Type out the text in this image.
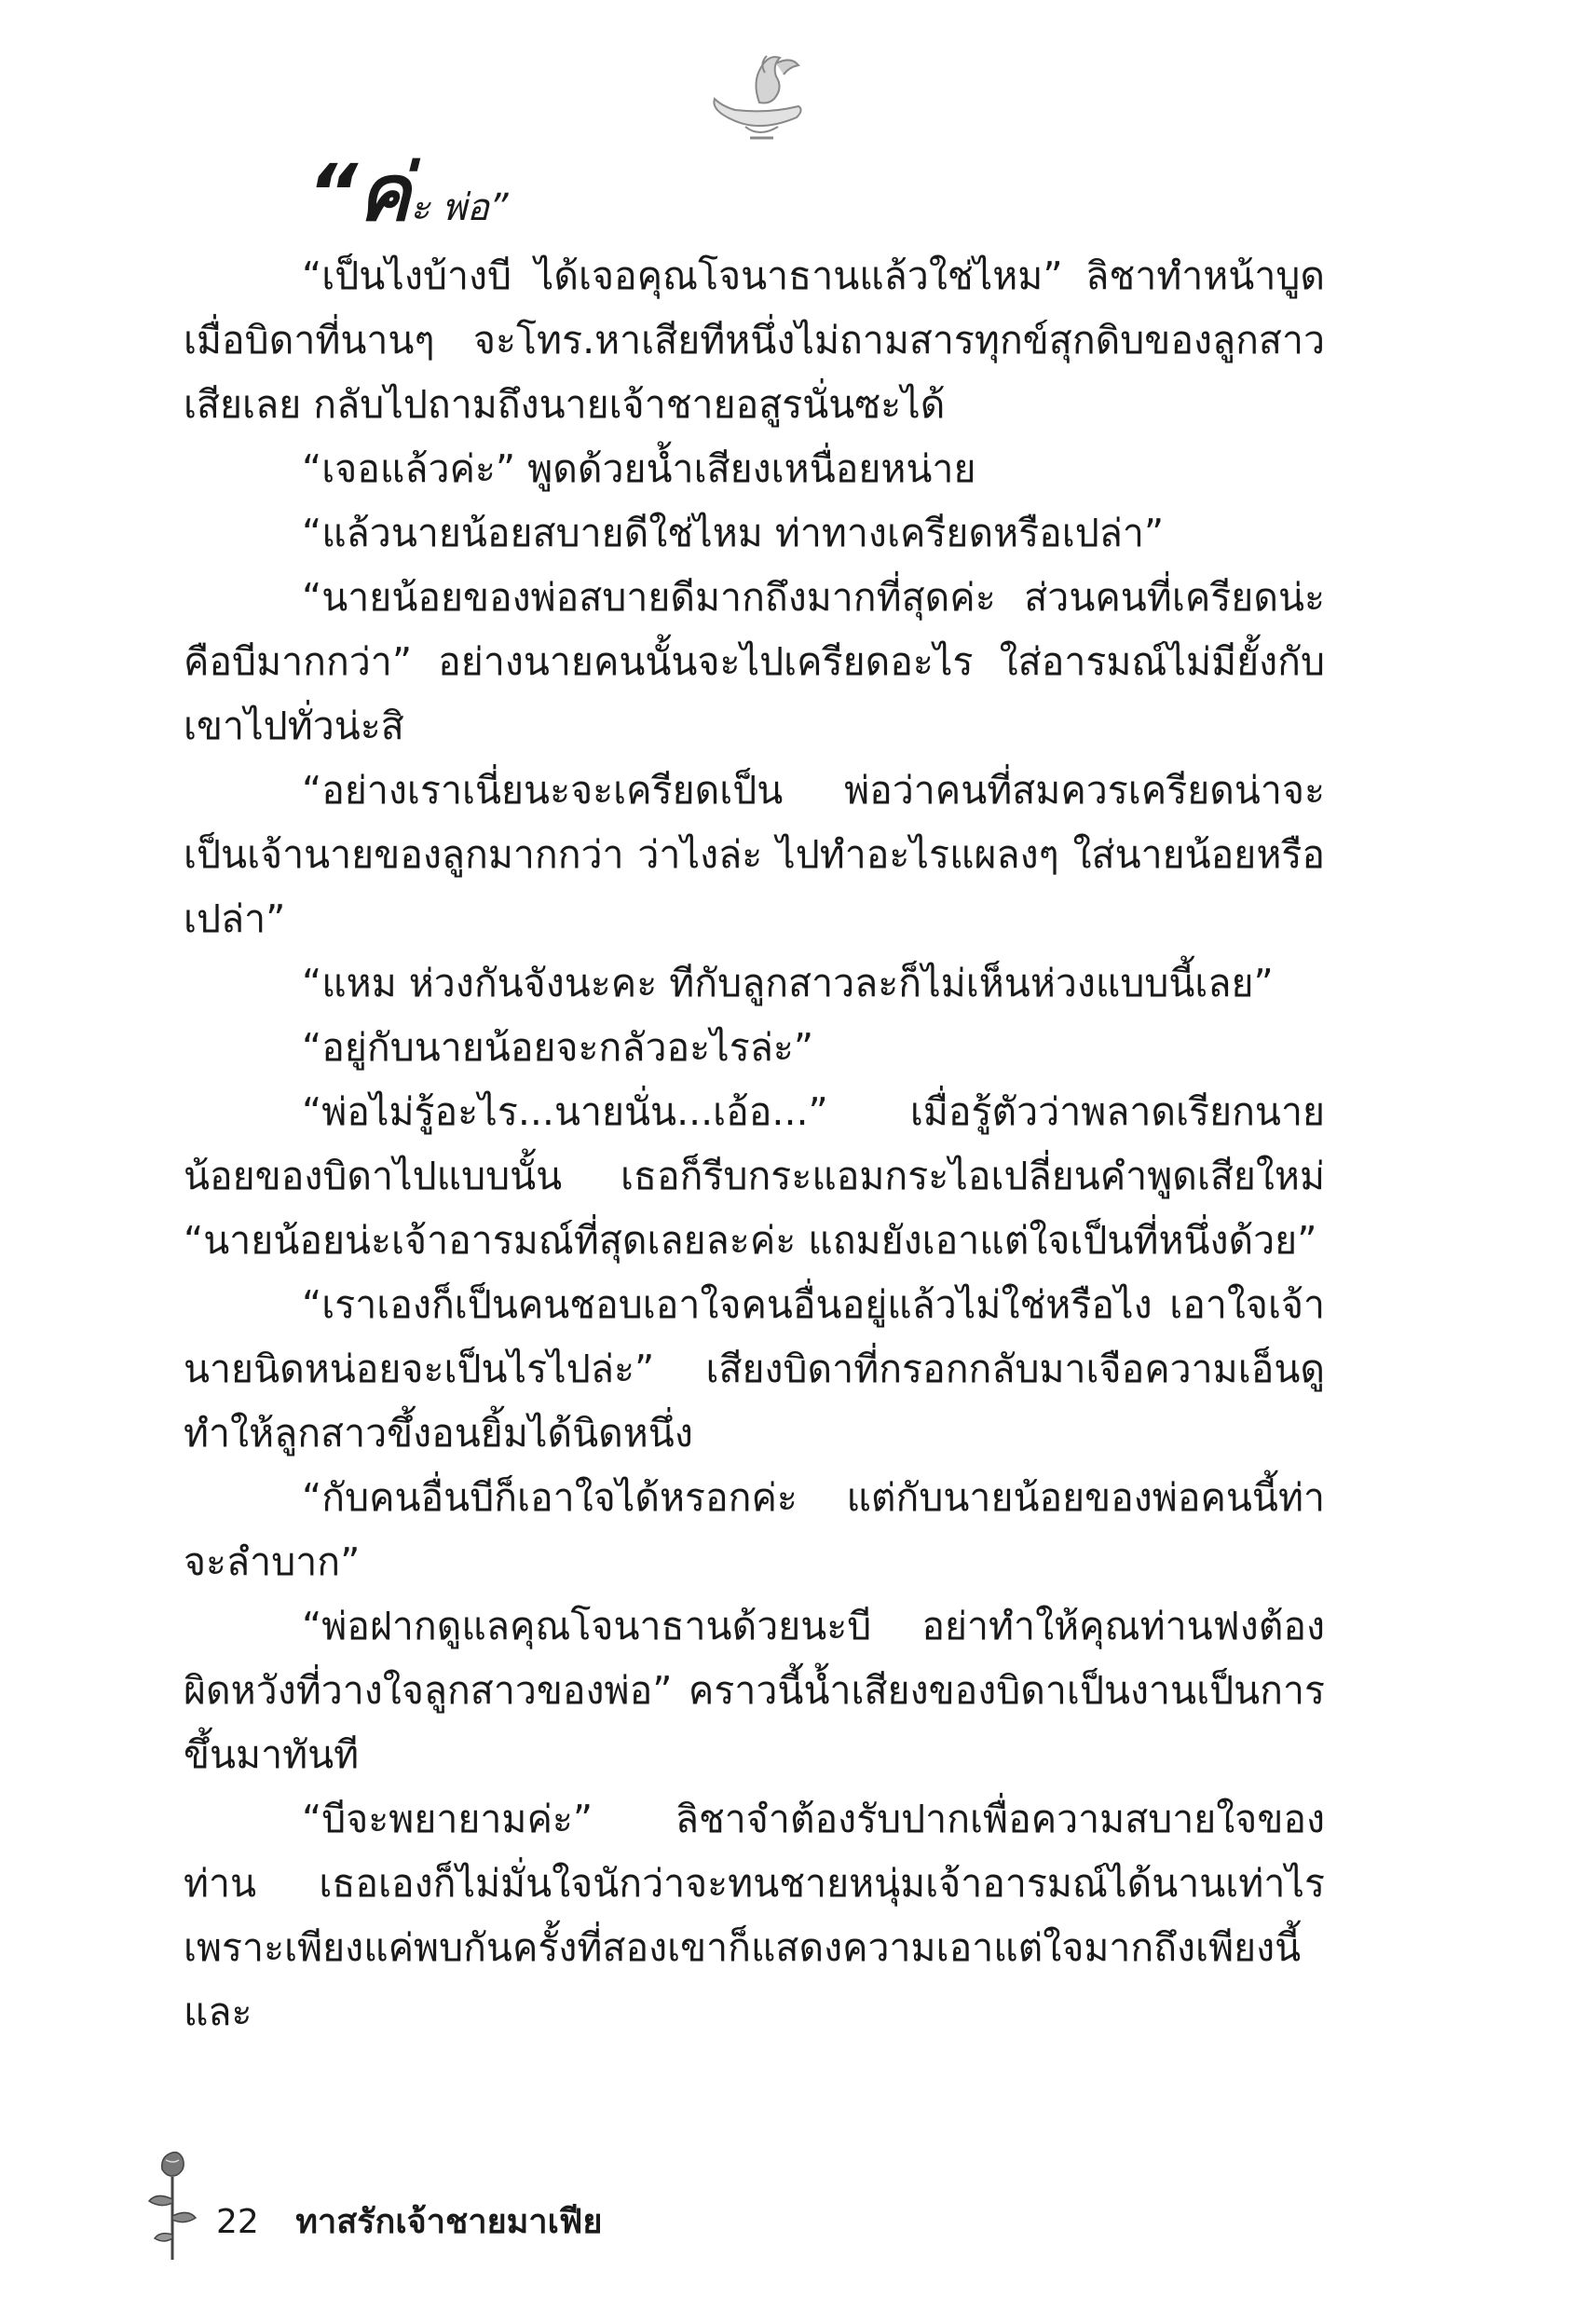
“ค่ะ พ่อ”

“เป็นไงบ้างบี ได้เจอคุณโจนาธานแล้วใช่ไหม” ลิชาทำหน้าบูด เมื่อบิดาที่นานๆ จะโทร.หาเสียทีหนึ่งไม่ถามสารทุกข์สุกดิบของลูกสาวเสียเลย กลับไปถามถึงนายเจ้าชายอสูรนั่นซะได้

“เจอแล้วค่ะ” พูดด้วยน้ำเสียงเหนื่อยหน่าย

“แล้วนายน้อยสบายดีใช่ไหม ท่าทางเครียดหรือเปล่า”

“นายน้อยของพ่อสบายดีมากถึงมากที่สุดค่ะ ส่วนคนที่เครียดน่ะ คือบีมากกว่า” อย่างนายคนนั้นจะไปเครียดอะไร ใส่อารมณ์ไม่มียั้งกับเขาไปทั่วน่ะสิ

“อย่างเราเนี่ยนะจะเครียดเป็น พ่อว่าคนที่สมควรเครียดน่าจะเป็นเจ้านายของลูกมากกว่า ว่าไงล่ะ ไปทำอะไรแผลงๆ ใส่นายน้อยหรือเปล่า”

“แหม ห่วงกันจังนะคะ ทีกับลูกสาวละก็ไม่เห็นห่วงแบบนี้เลย”

“อยู่กับนายน้อยจะกลัวอะไรล่ะ”

“พ่อไม่รู้อะไร...นายนั่น...เอ้อ...” เมื่อรู้ตัวว่าพลาดเรียกนายน้อยของบิดาไปแบบนั้น เธอก็รีบกระแอมกระไอเปลี่ยนคำพูดเสียใหม่ “นายน้อยน่ะเจ้าอารมณ์ที่สุดเลยละค่ะ แถมยังเอาแต่ใจเป็นที่หนึ่งด้วย”

“เราเองก็เป็นคนชอบเอาใจคนอื่นอยู่แล้วไม่ใช่หรือไง เอาใจเจ้านายนิดหน่อยจะเป็นไรไปล่ะ” เสียงบิดาที่กรอกกลับมาเจือความเอ็นดูทำให้ลูกสาวขึ้งอนยิ้มได้นิดหนึ่ง

“กับคนอื่นบีก็เอาใจได้หรอกค่ะ แต่กับนายน้อยของพ่อคนนี้ท่าจะลำบาก”

“พ่อฝากดูแลคุณโจนาธานด้วยนะบี อย่าทำให้คุณท่านฟงต้องผิดหวังที่วางใจลูกสาวของพ่อ” คราวนี้น้ำเสียงของบิดาเป็นงานเป็นการขึ้นมาทันที

“บีจะพยายามค่ะ” ลิชาจำต้องรับปากเพื่อความสบายใจของท่าน เธอเองก็ไม่มั่นใจนักว่าจะทนชายหนุ่มเจ้าอารมณ์ได้นานเท่าไร เพราะเพียงแค่พบกันครั้งที่สองเขาก็แสดงความเอาแต่ใจมากถึงเพียงนี้ และ

22 ทาสรักเจ้าชายมาเฟีย
